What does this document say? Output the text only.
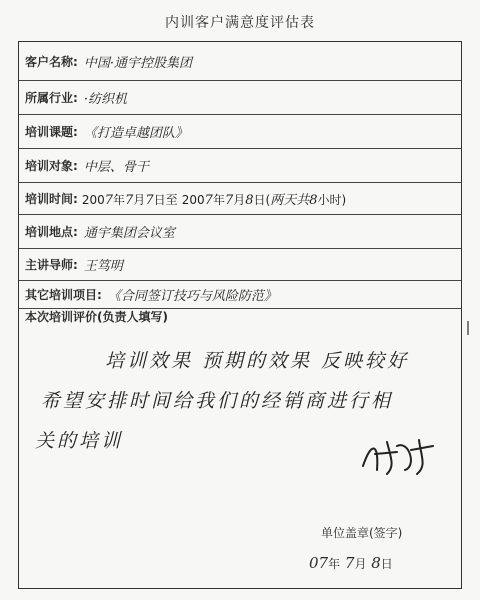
内训客户满意度评估表
客户名称: 中国·通宇控股集团
所属行业: ·纺织机
培训课题: 《打造卓越团队》
培训对象: 中层、骨干
培训时间: 2007年7月7日至 2007年7月8日(两天共8小时)
培训地点: 通宇集团会议室
主讲导师: 王笃明
其它培训项目: 《合同签订技巧与风险防范》
本次培训评价(负责人填写)
培训效果 预期的效果 反映较好
希望安排时间给我们的经销商进行相
关的培训
单位盖章(签字)
07年 7月 8日
